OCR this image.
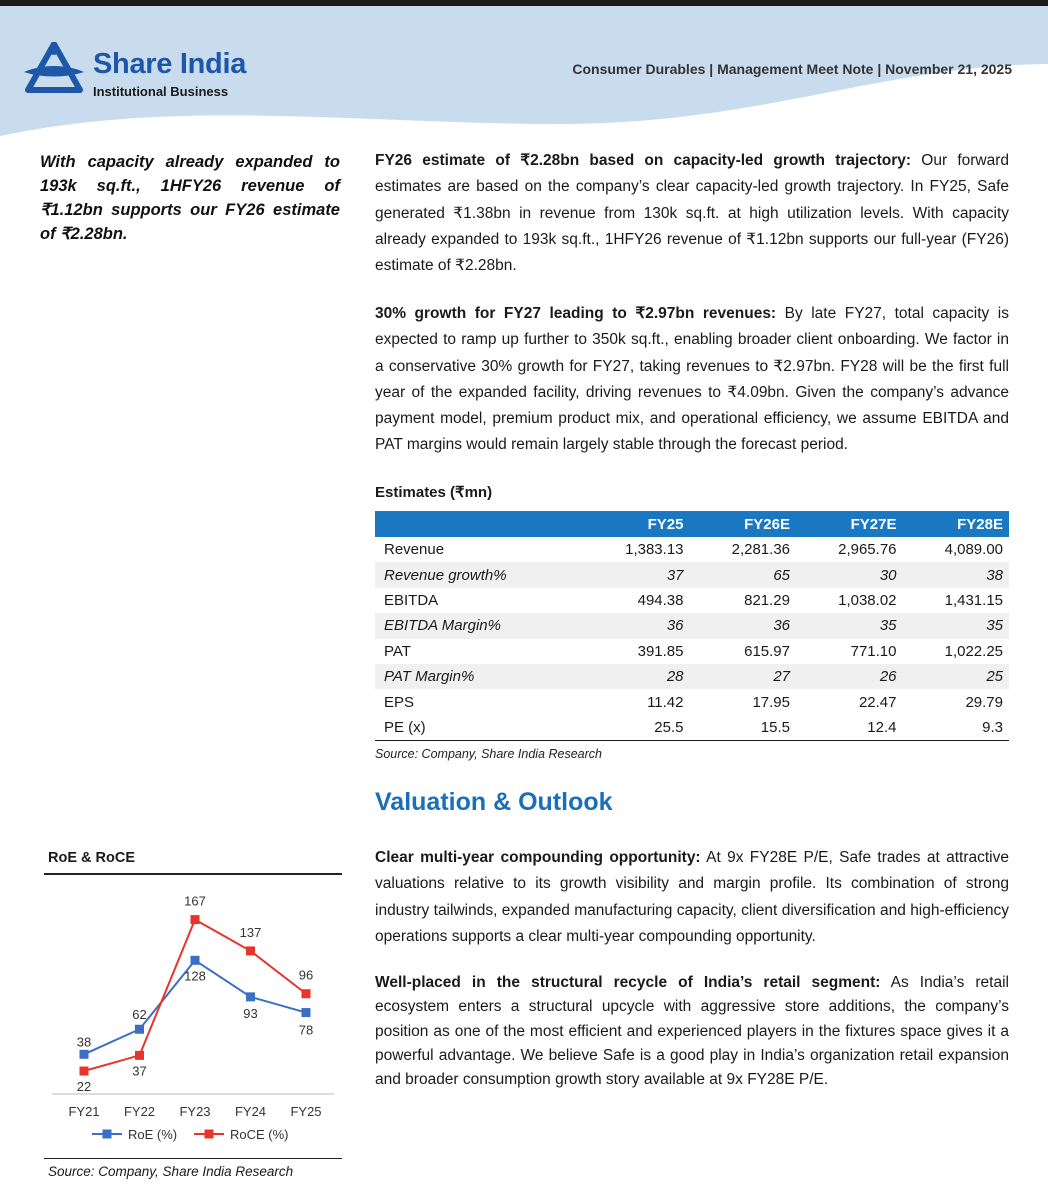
Share India
Institutional Business
Consumer Durables | Management Meet Note | November 21, 2025
With capacity already expanded to 193k sq.ft., 1HFY26 revenue of ₹1.12bn supports our FY26 estimate of ₹2.28bn.
FY26 estimate of ₹2.28bn based on capacity-led growth trajectory: Our forward estimates are based on the company’s clear capacity-led growth trajectory. In FY25, Safe generated ₹1.38bn in revenue from 130k sq.ft. at high utilization levels. With capacity already expanded to 193k sq.ft., 1HFY26 revenue of ₹1.12bn supports our full-year (FY26) estimate of ₹2.28bn.
30% growth for FY27 leading to ₹2.97bn revenues: By late FY27, total capacity is expected to ramp up further to 350k sq.ft., enabling broader client onboarding. We factor in a conservative 30% growth for FY27, taking revenues to ₹2.97bn. FY28 will be the first full year of the expanded facility, driving revenues to ₹4.09bn. Given the company’s advance payment model, premium product mix, and operational efficiency, we assume EBITDA and PAT margins would remain largely stable through the forecast period.
Estimates (₹mn)
	FY25	FY26E	FY27E	FY28E
Revenue	1,383.13	2,281.36	2,965.76	4,089.00
Revenue growth%	37	65	30	38
EBITDA	494.38	821.29	1,038.02	1,431.15
EBITDA Margin%	36	36	35	35
PAT	391.85	615.97	771.10	1,022.25
PAT Margin%	28	27	26	25
EPS	11.42	17.95	22.47	29.79
PE (x)	25.5	15.5	12.4	9.3
Source: Company, Share India Research
Valuation & Outlook
Clear multi-year compounding opportunity: At 9x FY28E P/E, Safe trades at attractive valuations relative to its growth visibility and margin profile. Its combination of strong industry tailwinds, expanded manufacturing capacity, client diversification and high-efficiency operations supports a clear multi-year compounding opportunity.
Well-placed in the structural recycle of India’s retail segment: As India’s retail ecosystem enters a structural upcycle with aggressive store additions, the company’s position as one of the most efficient and experienced players in the fixtures space gives it a powerful advantage. We believe Safe is a good play in India’s organization retail expansion and broader consumption growth story available at 9x FY28E P/E.
RoE & RoCE
FY21 FY22 FY23 FY24 FY25
38
62
128
93
78
22
37
167
137
96
RoE (%)	RoCE (%)
Source: Company, Share India Research
